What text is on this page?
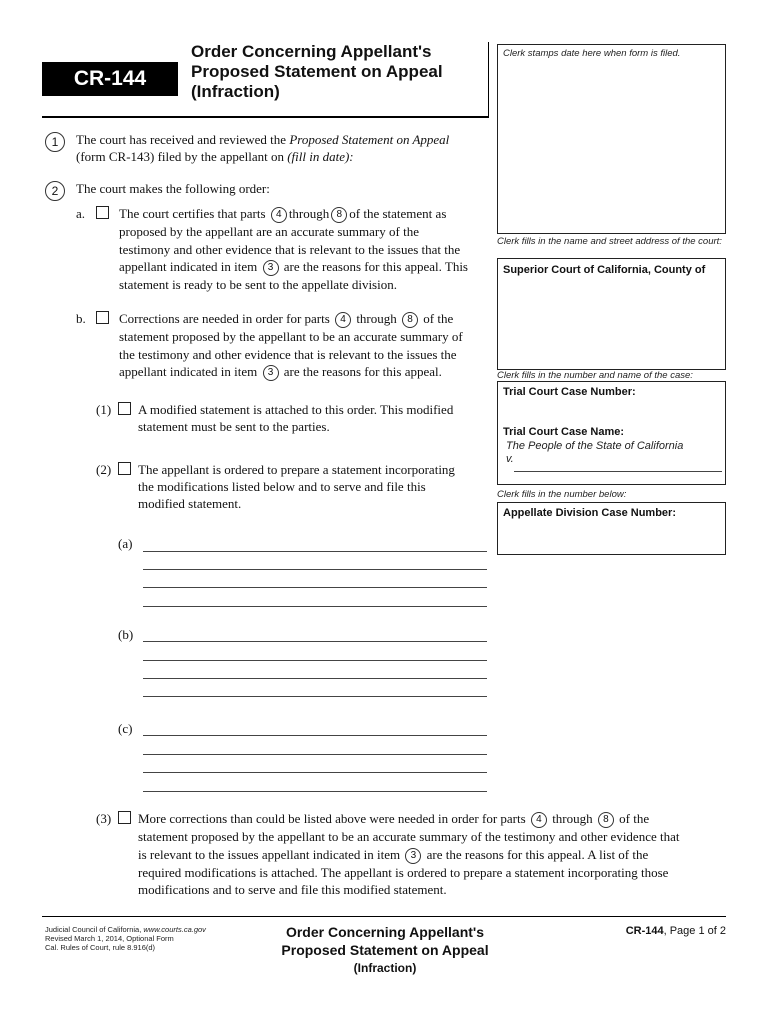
CR-144
Order Concerning Appellant's
Proposed Statement on Appeal
(Infraction)
Clerk stamps date here when form is filed.
Clerk fills in the name and street address of the court:
Superior Court of California, County of
Clerk fills in the number and name of the case:
Trial Court Case Number:
Trial Court Case Name:
The People of the State of California
v.
Clerk fills in the number below:
Appellate Division Case Number:
1	The court has received and reviewed the Proposed Statement on Appeal
(form CR-143) filed by the appellant on (fill in date):
2	The court makes the following order:
a.	The court certifies that parts 4 through 8 of the statement as
proposed by the appellant are an accurate summary of the
testimony and other evidence that is relevant to the issues that the
appellant indicated in item 3 are the reasons for this appeal. This
statement is ready to be sent to the appellate division.
b.	Corrections are needed in order for parts 4 through 8 of the
statement proposed by the appellant to be an accurate summary of
the testimony and other evidence that is relevant to the issues the
appellant indicated in item 3 are the reasons for this appeal.
(1) A modified statement is attached to this order. This modified
statement must be sent to the parties.
(2) The appellant is ordered to prepare a statement incorporating
the modifications listed below and to serve and file this
modified statement.
(a)
(b)
(c)
(3) More corrections than could be listed above were needed in order for parts 4 through 8 of the
statement proposed by the appellant to be an accurate summary of the testimony and other evidence that
is relevant to the issues appellant indicated in item 3 are the reasons for this appeal. A list of the
required modifications is attached. The appellant is ordered to prepare a statement incorporating those
modifications and to serve and file this modified statement.
Judicial Council of California, www.courts.ca.gov
Revised March 1, 2014, Optional Form
Cal. Rules of Court, rule 8.916(d)
Order Concerning Appellant's
Proposed Statement on Appeal
(Infraction)
CR-144, Page 1 of 2
